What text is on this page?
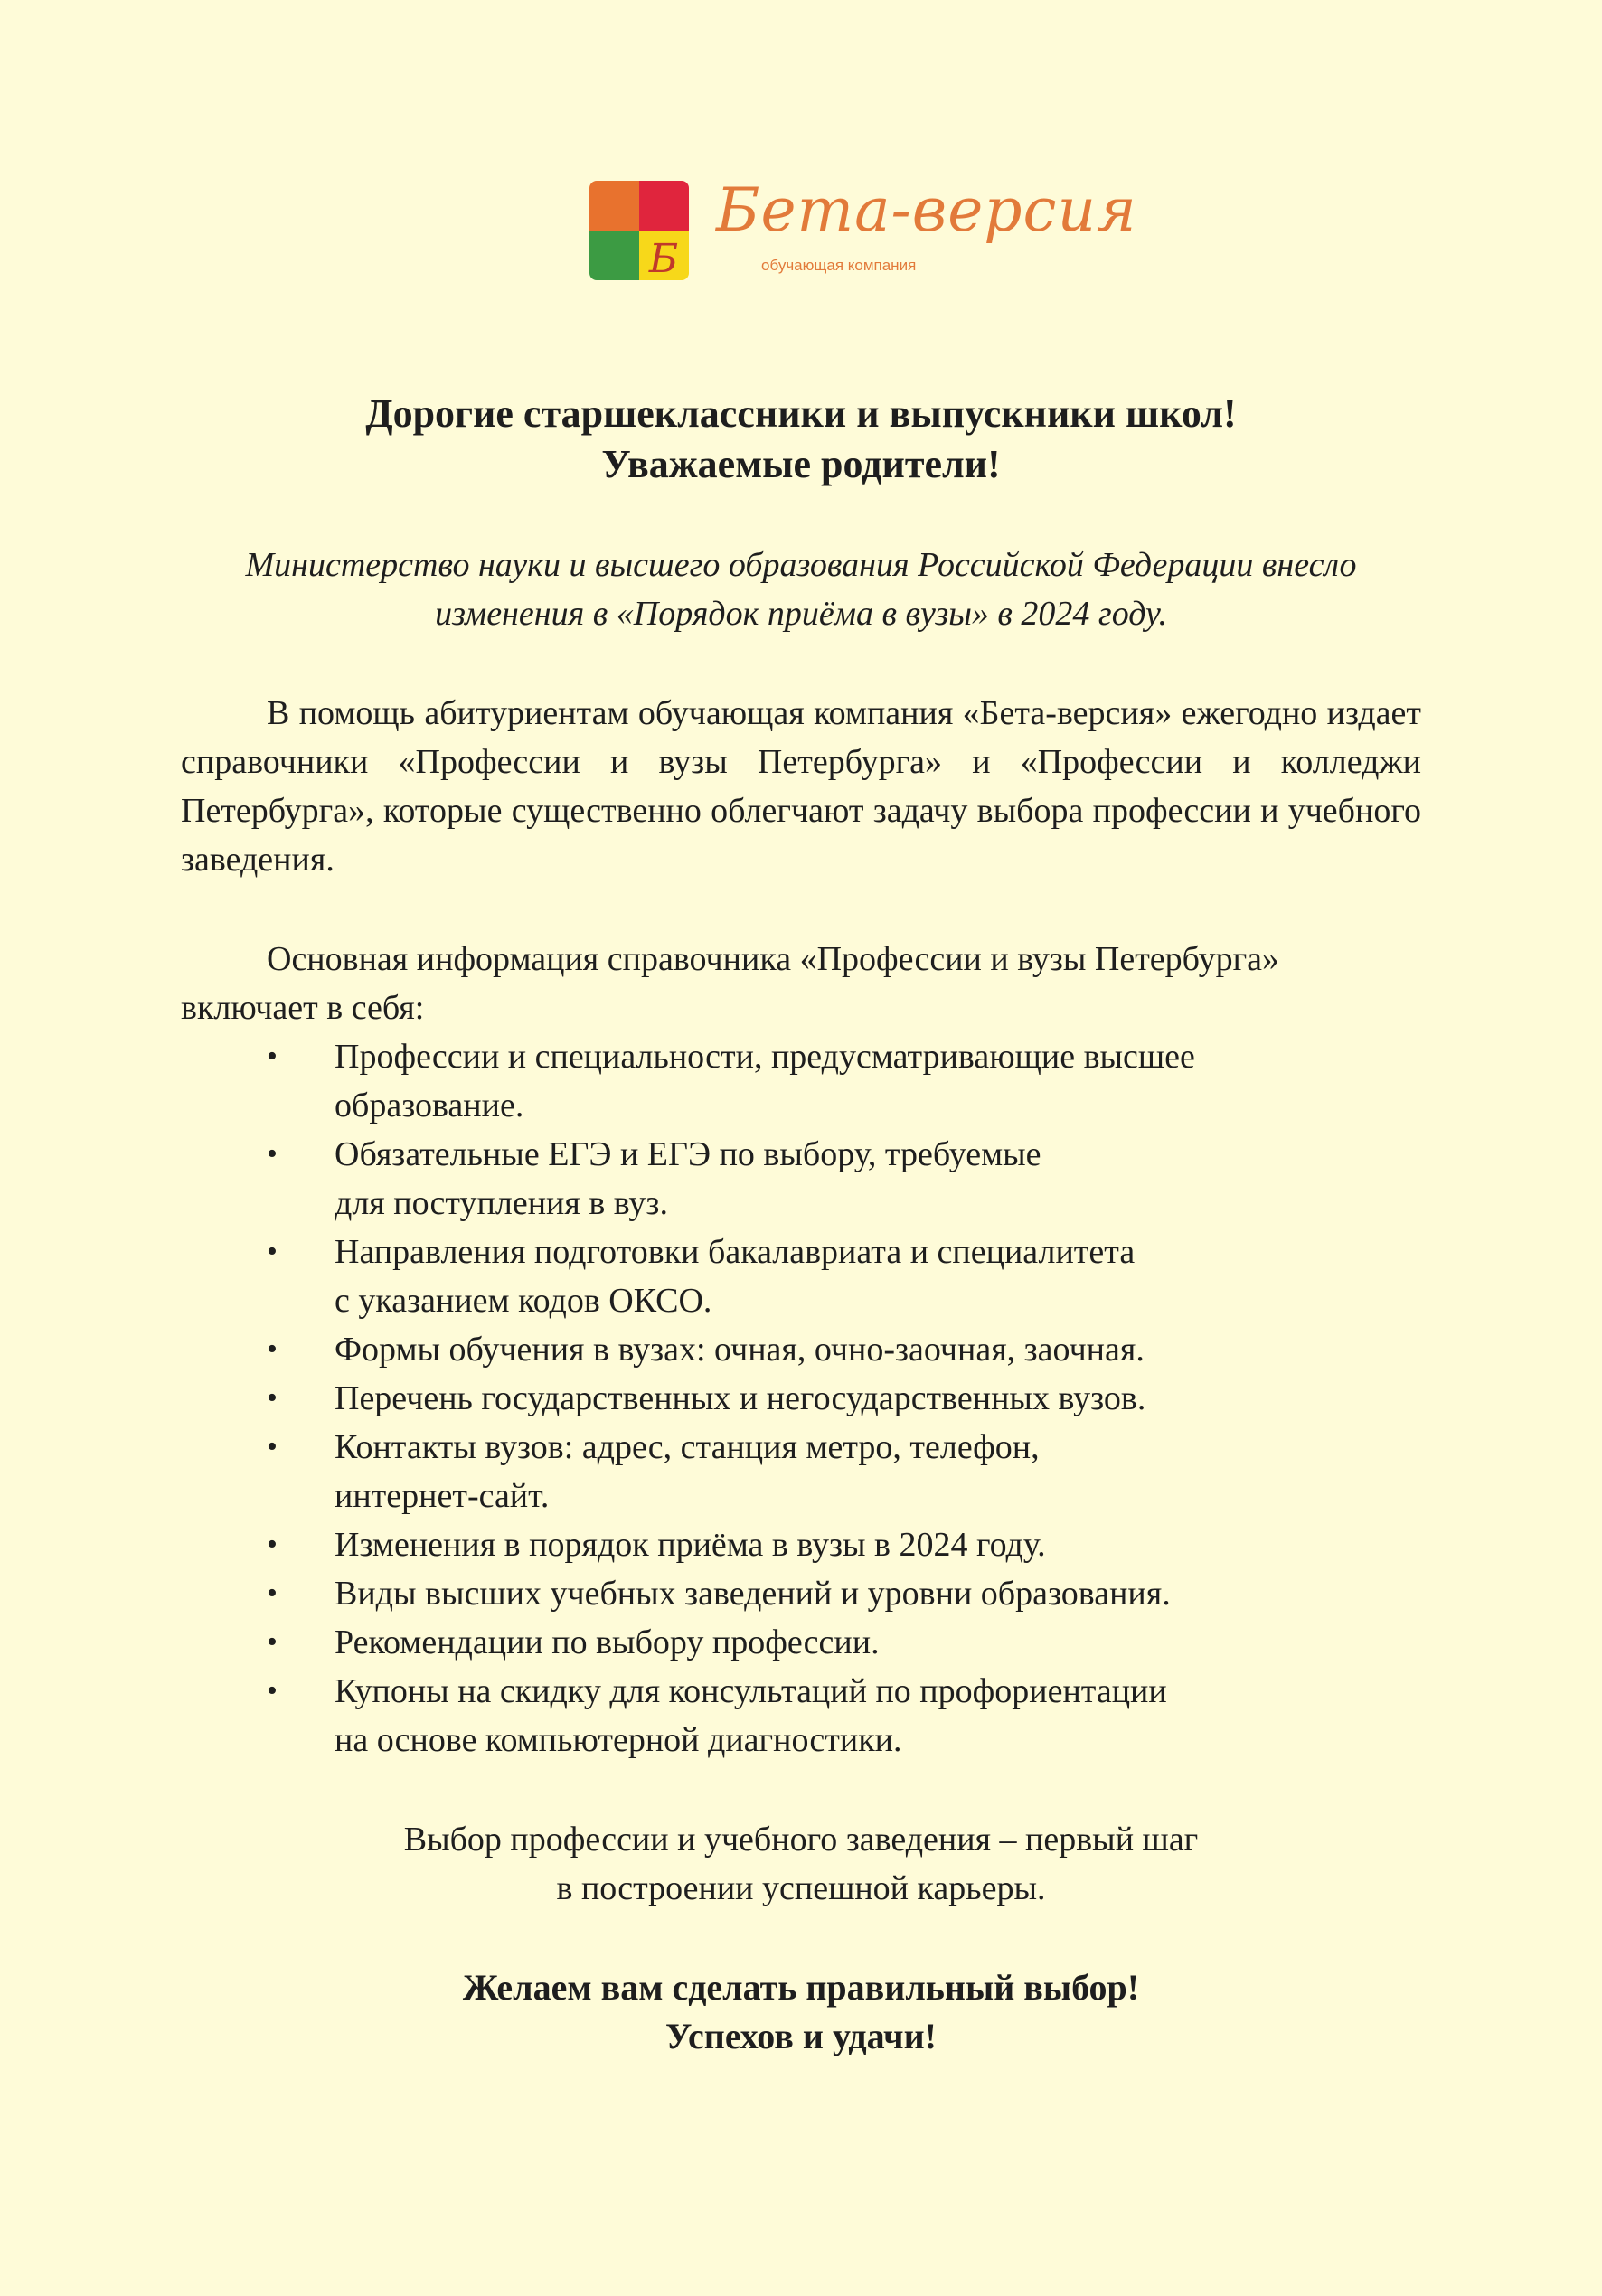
Б
Бета-версия
обучающая компания
Дорогие старшеклассники и выпускники школ!
Уважаемые родители!

Министерство науки и высшего образования Российской Федерации внесло
изменения в «Порядок приёма в вузы» в 2024 году.

В помощь абитуриентам обучающая компания «Бета-версия» ежегодно издает справочники «Профессии и вузы Петербурга» и «Профессии и колледжи Петербурга», которые существенно облегчают задачу выбора профессии и учебного заведения.

Основная информация справочника «Профессии и вузы Петербурга» включает в себя:

• Профессии и специальности, предусматривающие высшее
образование.
• Обязательные ЕГЭ и ЕГЭ по выбору, требуемые
для поступления в вуз.
• Направления подготовки бакалавриата и специалитета
с указанием кодов ОКСО.
• Формы обучения в вузах: очная, очно-заочная, заочная.
• Перечень государственных и негосударственных вузов.
• Контакты вузов: адрес, станция метро, телефон,
интернет-сайт.
• Изменения в порядок приёма в вузы в 2024 году.
• Виды высших учебных заведений и уровни образования.
• Рекомендации по выбору профессии.
• Купоны на скидку для консультаций по профориентации
на основе компьютерной диагностики.

Выбор профессии и учебного заведения – первый шаг
в построении успешной карьеры.

Желаем вам сделать правильный выбор!
Успехов и удачи!
